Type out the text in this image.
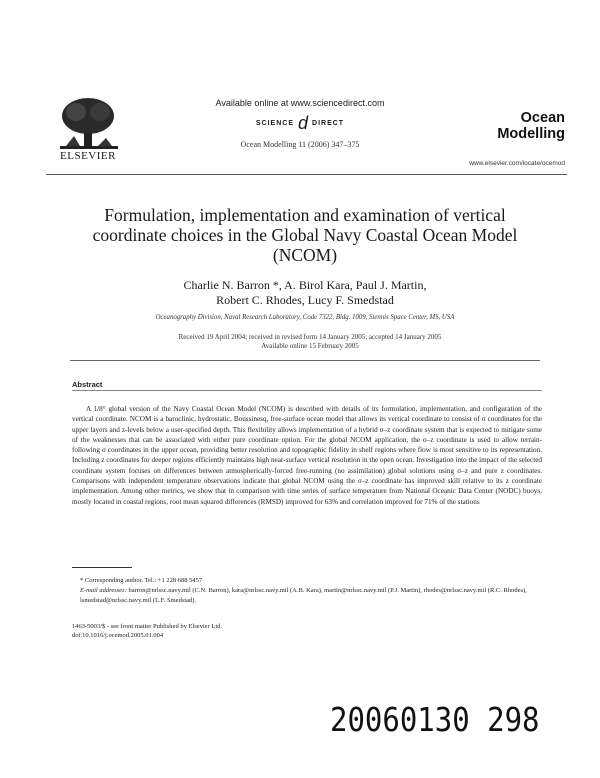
ELSEVIER
Available online at www.sciencedirect.com
SCIENCE d DIRECT
Ocean Modelling 11 (2006) 347–375
Ocean
Modelling
www.elsevier.com/locate/ocemod
Formulation, implementation and examination of vertical coordinate choices in the Global Navy Coastal Ocean Model (NCOM)
Charlie N. Barron *, A. Birol Kara, Paul J. Martin,
Robert C. Rhodes, Lucy F. Smedstad
Oceanography Division, Naval Research Laboratory, Code 7322, Bldg. 1009, Stennis Space Center, MS, USA
Received 19 April 2004; received in revised form 14 January 2005; accepted 14 January 2005
Available online 15 February 2005
Abstract

A 1/8° global version of the Navy Coastal Ocean Model (NCOM) is described with details of its formulation, implementation, and configuration of the vertical coordinate. NCOM is a baroclinic, hydrostatic, Boussinesq, free-surface ocean model that allows its vertical coordinate to consist of σ coordinates for the upper layers and z-levels below a user-specified depth. This flexibility allows implementation of a hybrid σ–z coordinate system that is expected to mitigate some of the weaknesses that can be associated with either pure coordinate option. For the global NCOM application, the σ–z coordinate is used to allow terrain-following σ coordinates in the upper ocean, providing better resolution and topographic fidelity in shelf regions where flow is most sensitive to its representation. Including z coordinates for deeper regions efficiently maintains high near-surface vertical resolution in the open ocean. Investigation into the impact of the selected coordinate system focuses on differences between atmospherically-forced free-running (no assimilation) global solutions using σ–z and pure z coordinates. Comparisons with independent temperature observations indicate that global NCOM using the σ–z coordinate has improved skill relative to its z coordinate implementation. Among other metrics, we show that in comparison with time series of surface temperature from National Oceanic Data Center (NODC) buoys, mostly located in coastal regions, root mean squared differences (RMSD) improved for 63% and correlation improved for 71% of the stations

* Corresponding author. Tel.: +1 228 688 5457
E-mail addresses: barron@nrlssc.navy.mil (C.N. Barron), kara@nrlssc.navy.mil (A.B. Kara), martin@nrlssc.navy.mil (P.J. Martin), rhodes@nrlssc.navy.mil (R.C. Rhodes), lsmedstad@nrlssc.navy.mil (L.F. Smedstad).
1463-5003/$ - see front matter Published by Elsevier Ltd.
doi:10.1016/j.ocemod.2005.01.004
20060130 298
